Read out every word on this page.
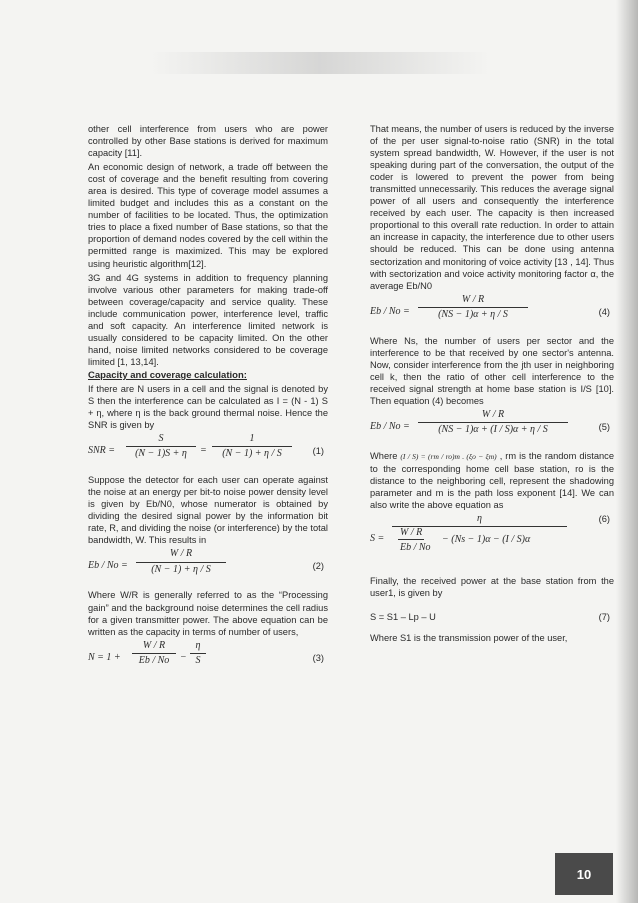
other cell interference from users who are power controlled by other Base stations is derived for maximum capacity [11].

An economic design of network, a trade off between the cost of coverage and the benefit resulting from covering area is desired. This type of coverage model assumes a limited budget and includes this as a constant on the number of facilities to be located. Thus, the optimization tries to place a fixed number of Base stations, so that the proportion of demand nodes covered by the cell within the permitted range is maximized. This may be explored using heuristic algorithm[12].

3G and 4G systems in addition to frequency planning involve various other parameters for making trade-off between coverage/capacity and service quality. These include communication power, interference level, traffic and soft capacity. An interference limited network is usually considered to be capacity limited. On the other hand, noise limited networks considered to be coverage limited [1, 13,14].

Capacity and coverage calculation:

If there are N users in a cell and the signal is denoted by S then the interference can be calculated as I = (N - 1) S + η, where η is the back ground thermal noise. Hence the SNR is given by

SNR = $\frac{S}{(N - 1)S + \eta} = \frac{1}{(N - 1) + \eta / S} (1)$

Suppose the detector for each user can operate against the noise at an energy per bit-to noise power density level is given by Eb/N0, whose numerator is obtained by dividing the desired signal power by the information bit rate, R, and dividing the noise (or interference) by the total bandwidth, W. This results in

$Eb / No = \frac{W / R}{(N - 1) + \eta / S}$	(2)

Where W/R is generally referred to as the “Processing gain” and the background noise determines the cell radius for a given transmitter power. The above equation can be written as the capacity in terms of number of users,

$N = 1 + \frac{W / R}{Eb / No} - \frac{\eta}{S}$	(3)

That means, the number of users is reduced by the inverse of the per user signal-to-noise ratio (SNR) in the total system spread bandwidth, W. However, if the user is not speaking during part of the conversation, the output of the coder is lowered to prevent the power from being transmitted unnecessarily. This reduces the average signal power of all users and consequently the interference received by each user. The capacity is then increased proportional to this overall rate reduction. In order to attain an increase in capacity, the interference due to other users should be reduced. This can be done using antenna sectorization and monitoring of voice activity [13 , 14]. Thus with sectorization and voice activity monitoring factor α, the average Eb/N0

$Eb / No = \frac{W / R}{(NS - 1)\alpha + \eta / S}$	(4)

Where Ns, the number of users per sector and the interference to be that received by one sector's antenna. Now, consider interference from the jth user in neighboring cell k, then the ratio of other cell interference to the received signal strength at home base station is I/S [10]. Then equation (4) becomes

$Eb / No = \frac{W / R}{(NS - 1)\alpha + (I / S)\alpha + \eta / S}$	(5)

Where (I / S) = (rm / ro)m . (ξo − ξm) , rm is the random distance to the corresponding home cell base station, ro is the distance to the neighboring cell, represent the shadowing parameter and m is the path loss exponent [14]. We can also write the above equation as

S = η
W / R
Eb / No
− (Ns − 1)α − (I / S)α	(6)

Finally, the received power at the base station from the user1, is given by

S = S1 – Lp – U	(7)

Where S1 is the transmission power of the user,

10
